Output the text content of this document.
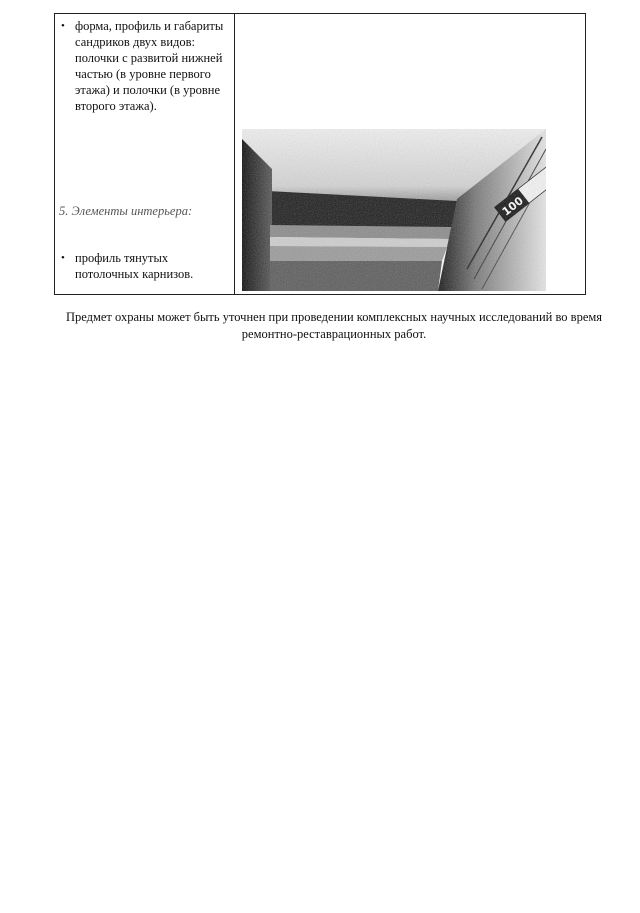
• форма, профиль и габариты сандриков двух видов: полочки с развитой нижней частью (в уровне первого этажа) и полочки (в уровне второго этажа).
5. Элементы интерьера:
• профиль тянутых потолочных карнизов.
Предмет охраны может быть уточнен при проведении комплексных научных исследований во время ремонтно-реставрационных работ.
